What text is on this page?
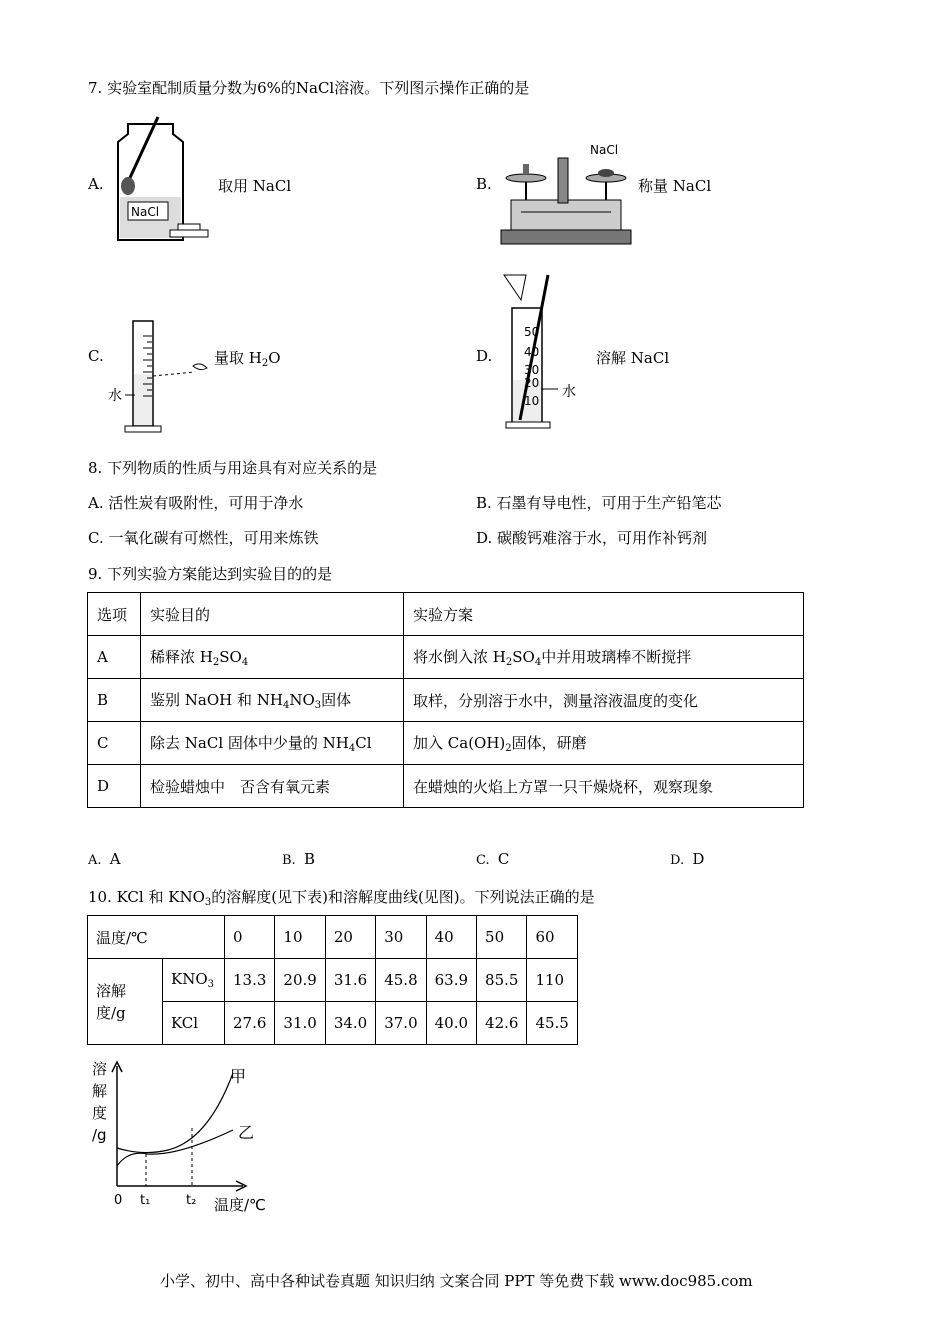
7. 实验室配制质量分数为6%的NaCl溶液。下列图示操作正确的是
A.
NaCl
取用 NaCl	B.
NaCl
称量 NaCl
C.
水
量取 $H_2O$	D.
50
40
30
20
10
水
溶解 NaCl
8. 下列物质的性质与用途具有对应关系的是
A. 活性炭有吸附性，可用于净水	B. 石墨有导电性，可用于生产铅笔芯
C. 一氧化碳有可燃性，可用来炼铁	D. 碳酸钙难溶于水，可用作补钙剂
9. 下列实验方案能达到实验目的的是
选项	实验目的	实验方案
A	稀释浓 $H_2SO_4$	将水倒入浓 $H_2SO_4$中并用玻璃棒不断搅拌
B	鉴别 NaOH 和 $NH_4NO_3$固体	取样，分别溶于水中，测量溶液温度的变化
C	除去 NaCl 固体中少量的 $NH_4Cl$	加入 $Ca(OH)_2$固体，研磨
D	检验蜡烛中　否含有氧元素	在蜡烛的火焰上方罩一只干燥烧杯，观察现象
A. A	B. B	C. C	D. D
10. KCl 和 $KNO_3$的溶解度(见下表)和溶解度曲线(见图)。下列说法正确的是
温度/℃		0	10	20	30	40	50	60
溶解度/g	$KNO_3$	13.3	20.9	31.6	45.8	63.9	85.5	110
	KCl	27.6	31.0	34.0	37.0	40.0	42.6	45.5
溶
解
度
/g
0 t₁	t₂ 温度/℃
甲
乙
小学、初中、高中各种试卷真题 知识归纳 文案合同 PPT 等免费下载 www.doc985.com
